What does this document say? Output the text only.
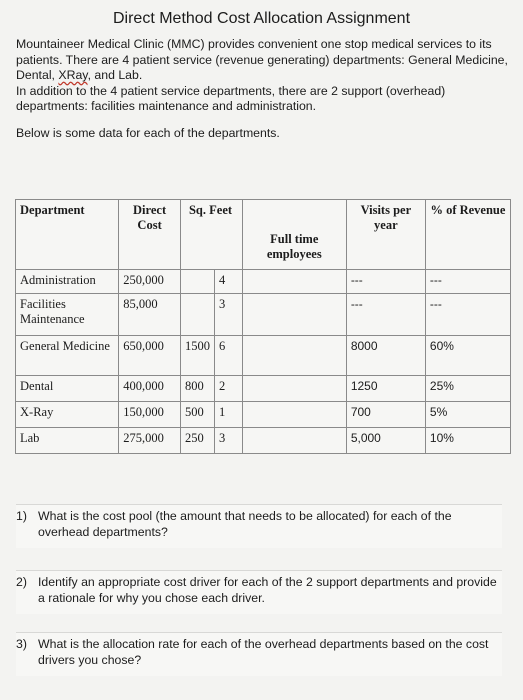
Direct Method Cost Allocation Assignment

Mountaineer Medical Clinic (MMC) provides convenient one stop medical services to its patients. There are 4 patient service (revenue generating) departments: General Medicine, Dental, XRay, and Lab.

In addition to the 4 patient service departments, there are 2 support (overhead) departments: facilities maintenance and administration.

Below is some data for each of the departments.
Department	Direct Cost	Sq. Feet		Full time employees	Visits per year	% of Revenue
Administration	250,000		4		---	---
Facilities Maintenance	85,000		3		---	---
General Medicine	650,000	1500	6		8000	60%
Dental	400,000	800	2		1250	25%
X-Ray	150,000	500	1		700	5%
Lab	275,000	250	3		5,000	10%
1) What is the cost pool (the amount that needs to be allocated) for each of the overhead departments?
2) Identify an appropriate cost driver for each of the 2 support departments and provide a rationale for why you chose each driver.
3) What is the allocation rate for each of the overhead departments based on the cost drivers you chose?
